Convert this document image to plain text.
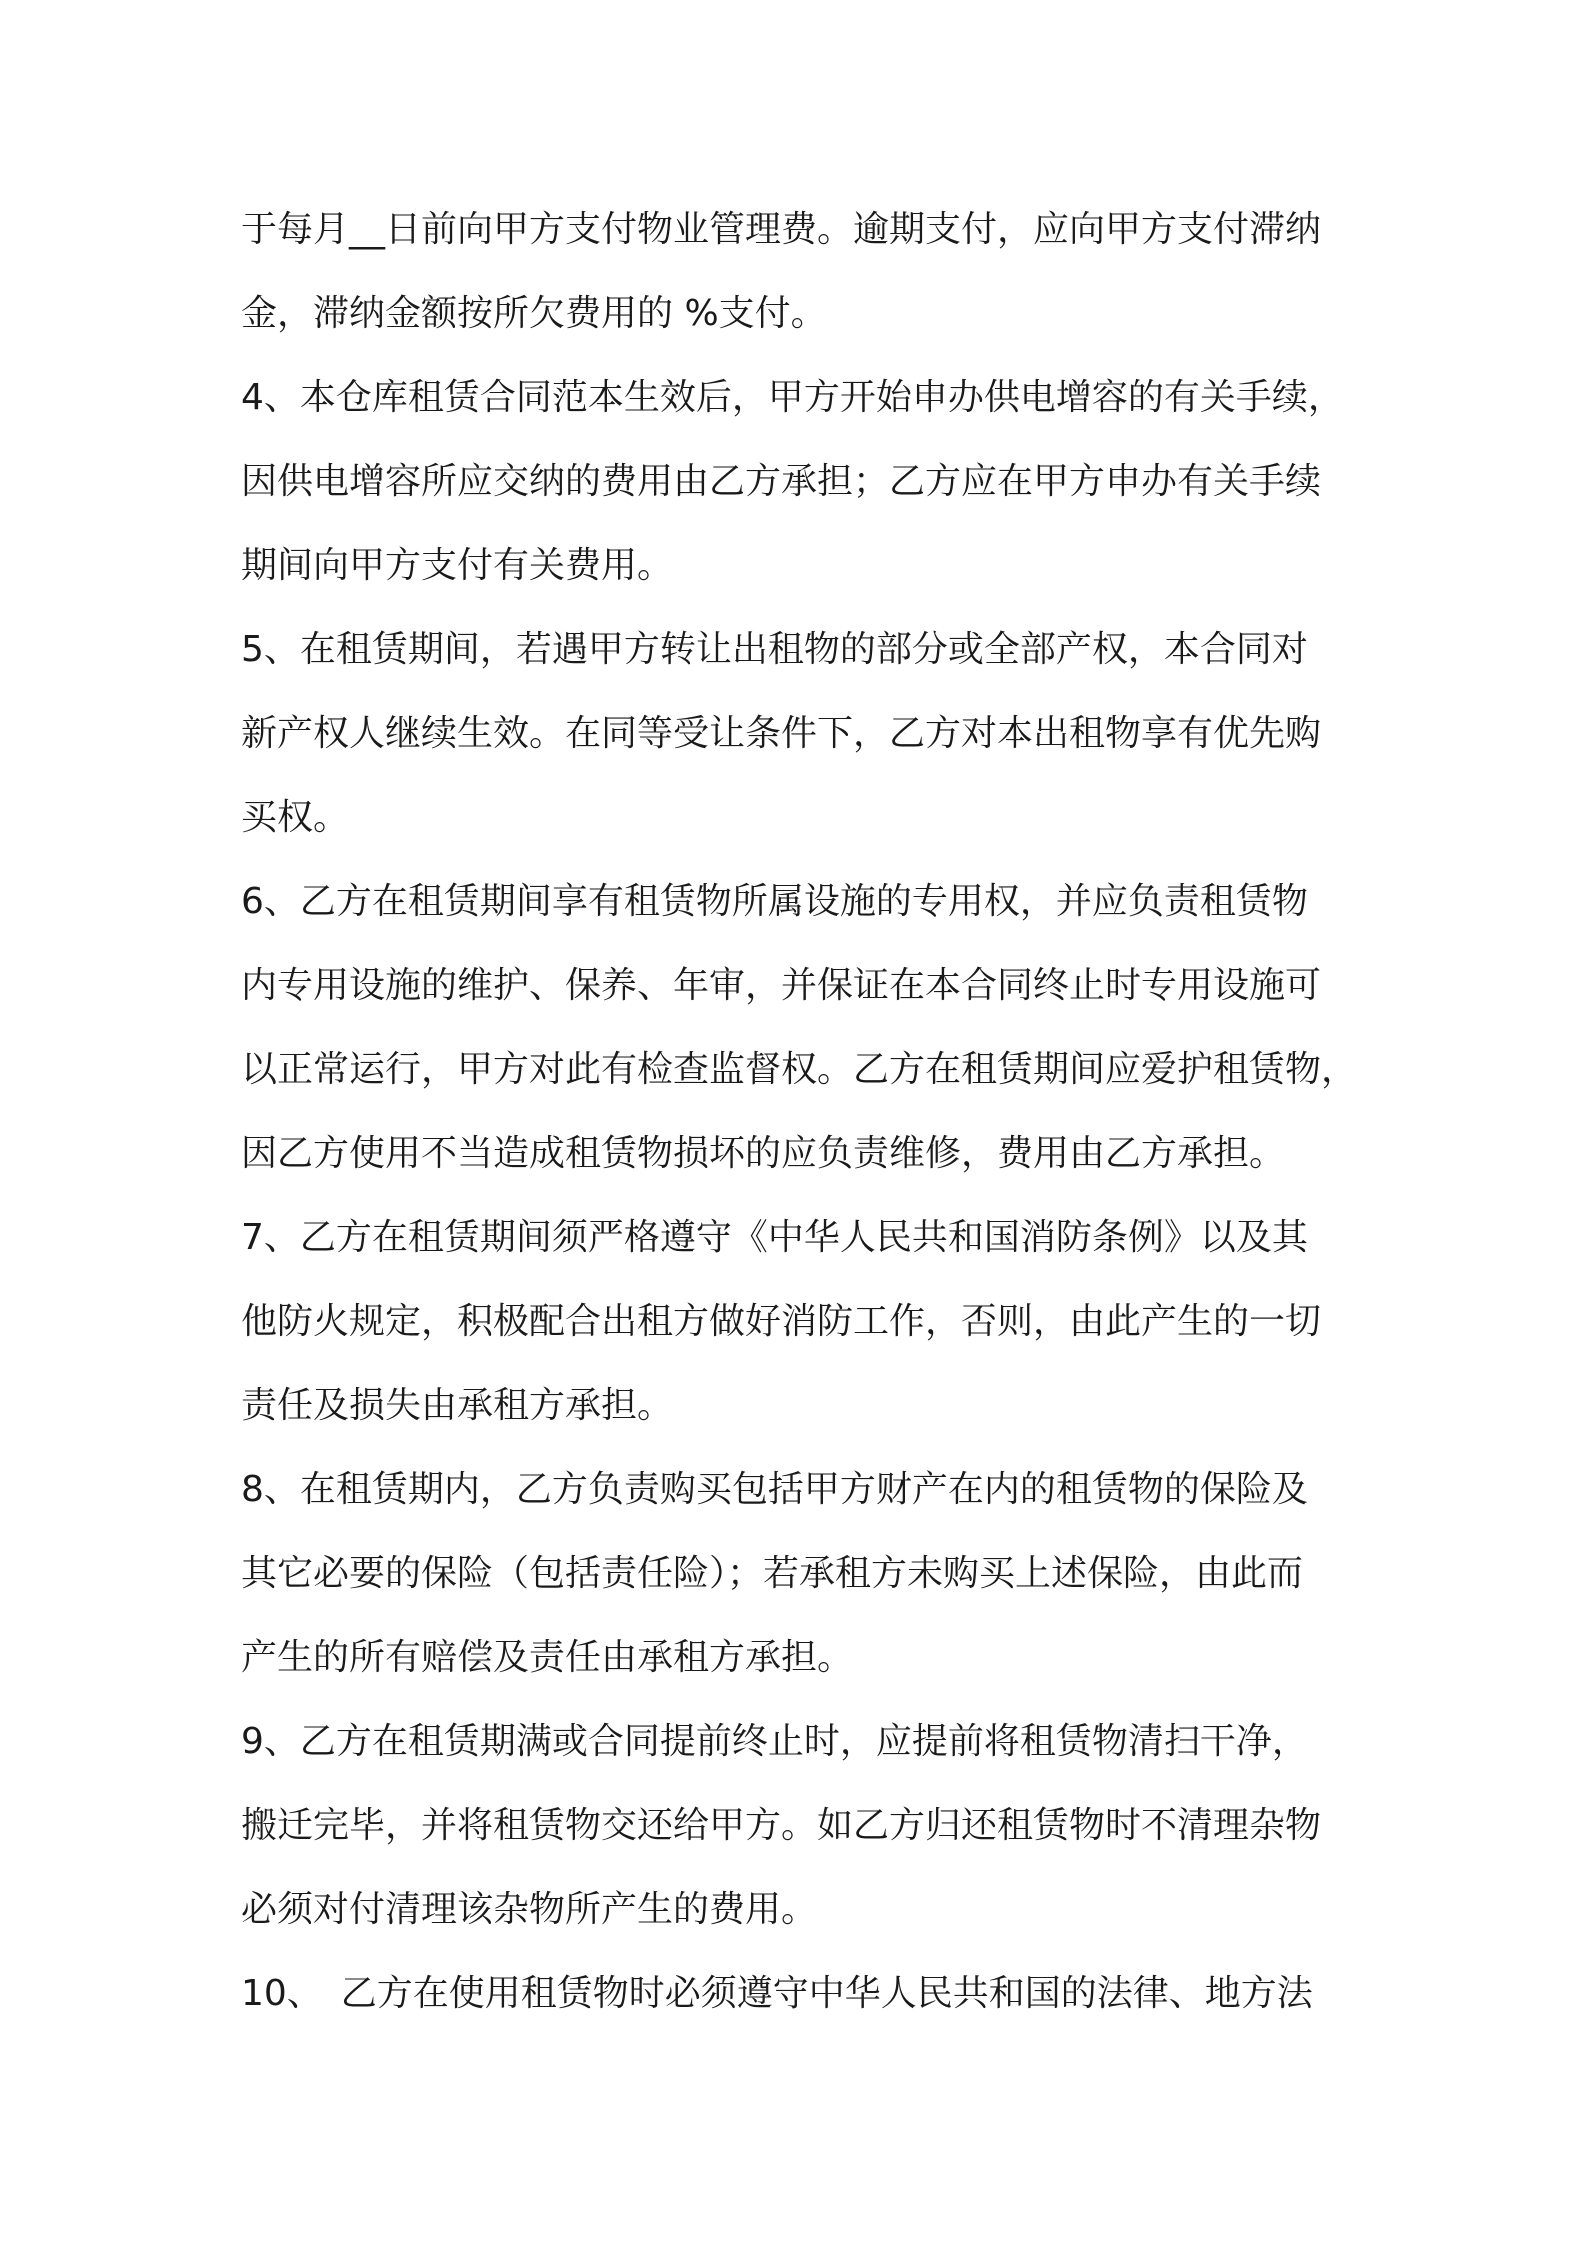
于每月__日前向甲方支付物业管理费。逾期支付，应向甲方支付滞纳
金，滞纳金额按所欠费用的 %支付。
4、本仓库租赁合同范本生效后，甲方开始申办供电增容的有关手续，
因供电增容所应交纳的费用由乙方承担；乙方应在甲方申办有关手续
期间向甲方支付有关费用。
5、在租赁期间，若遇甲方转让出租物的部分或全部产权，本合同对
新产权人继续生效。在同等受让条件下，乙方对本出租物享有优先购
买权。
6、乙方在租赁期间享有租赁物所属设施的专用权，并应负责租赁物
内专用设施的维护、保养、年审，并保证在本合同终止时专用设施可
以正常运行，甲方对此有检查监督权。乙方在租赁期间应爱护租赁物，
因乙方使用不当造成租赁物损坏的应负责维修，费用由乙方承担。
7、乙方在租赁期间须严格遵守《中华人民共和国消防条例》以及其
他防火规定，积极配合出租方做好消防工作，否则，由此产生的一切
责任及损失由承租方承担。
8、在租赁期内，乙方负责购买包括甲方财产在内的租赁物的保险及
其它必要的保险（包括责任险）；若承租方未购买上述保险，由此而
产生的所有赔偿及责任由承租方承担。
9、乙方在租赁期满或合同提前终止时，应提前将租赁物清扫干净，
搬迁完毕，并将租赁物交还给甲方。如乙方归还租赁物时不清理杂物
必须对付清理该杂物所产生的费用。
10、　乙方在使用租赁物时必须遵守中华人民共和国的法律、地方法
